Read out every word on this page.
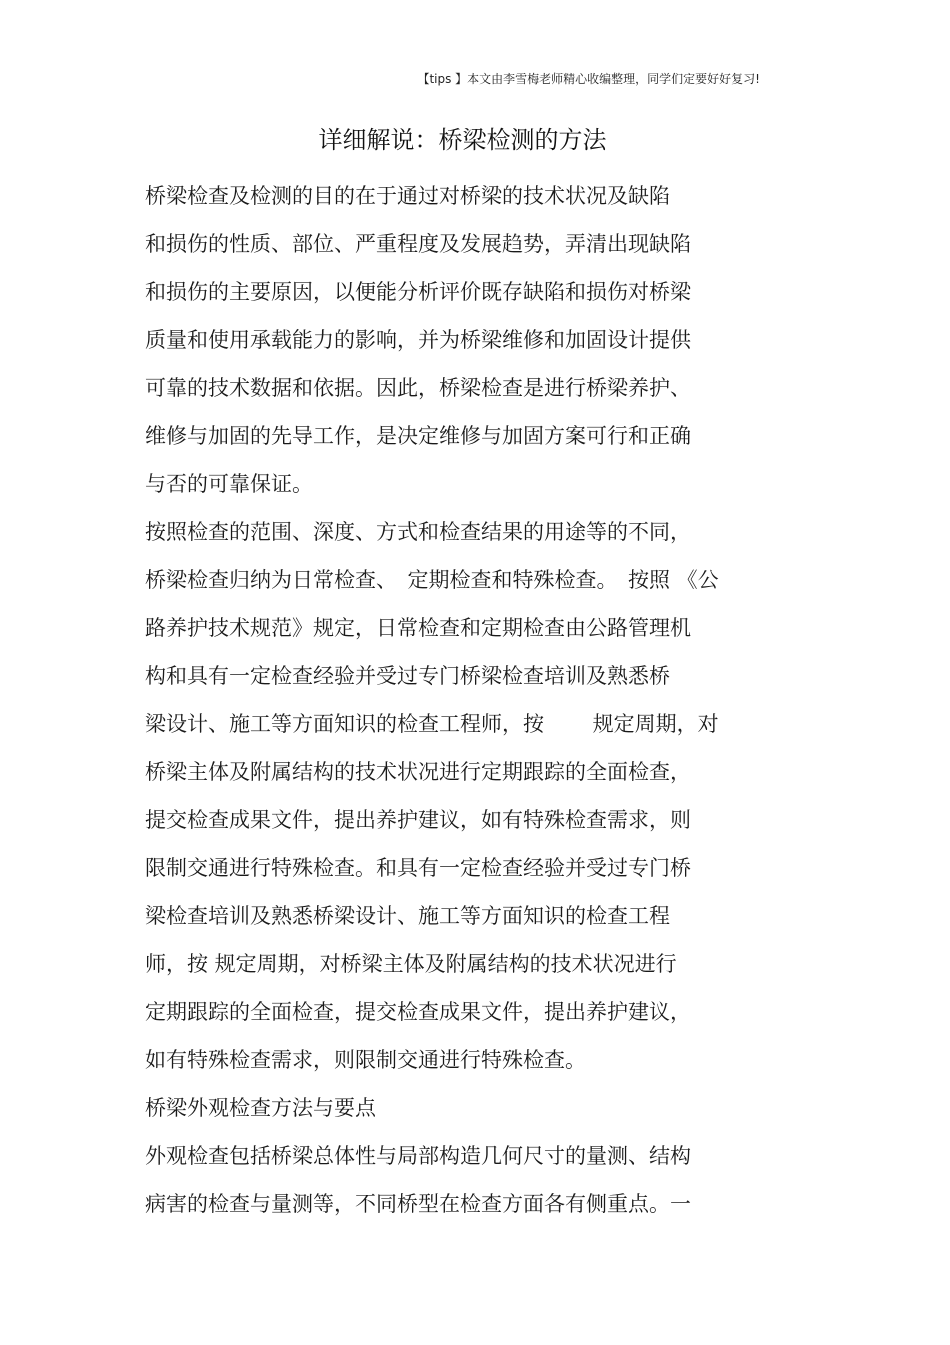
【tips 】本文由李雪梅老师精心收编整理，同学们定要好好复习!
详细解说：桥梁检测的方法
桥梁检查及检测的目的在于通过对桥梁的技术状况及缺陷
和损伤的性质、部位、严重程度及发展趋势，弄清出现缺陷
和损伤的主要原因，以便能分析评价既存缺陷和损伤对桥梁
质量和使用承载能力的影响，并为桥梁维修和加固设计提供
可靠的技术数据和依据。因此，桥梁检查是进行桥梁养护、
维修与加固的先导工作，是决定维修与加固方案可行和正确
与否的可靠保证。
按照检查的范围、深度、方式和检查结果的用途等的不同，
桥梁检查归纳为日常检查、　定期检查和特殊检查。　按照 《公
路养护技术规范》规定，日常检查和定期检查由公路管理机
构和具有一定检查经验并受过专门桥梁检查培训及熟悉桥
梁设计、施工等方面知识的检查工程师，按　　 规定周期，对
桥梁主体及附属结构的技术状况进行定期跟踪的全面检查，
提交检查成果文件，提出养护建议，如有特殊检查需求，则
限制交通进行特殊检查。和具有一定检查经验并受过专门桥
梁检查培训及熟悉桥梁设计、施工等方面知识的检查工程
师，按 规定周期，对桥梁主体及附属结构的技术状况进行
定期跟踪的全面检查，提交检查成果文件，提出养护建议，
如有特殊检查需求，则限制交通进行特殊检查。
桥梁外观检查方法与要点
外观检查包括桥梁总体性与局部构造几何尺寸的量测、结构
病害的检查与量测等，不同桥型在检查方面各有侧重点。一
